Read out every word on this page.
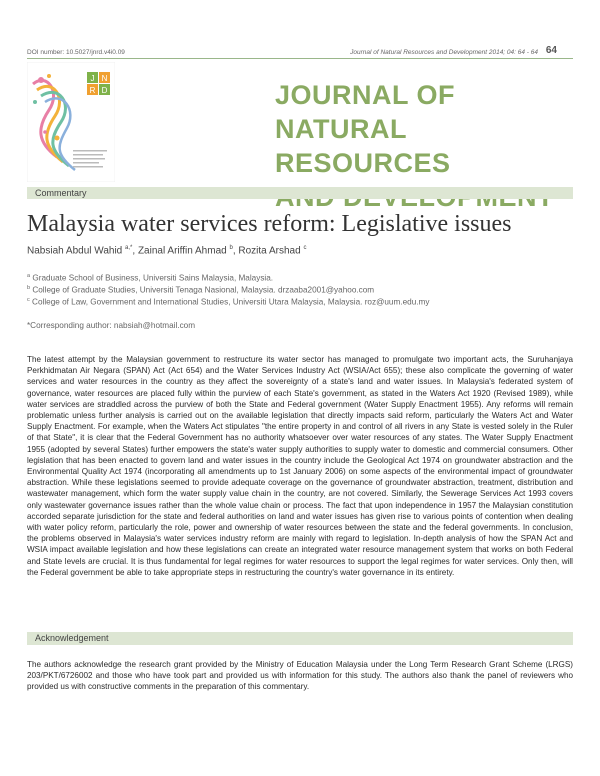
DOI number: 10.5027/jnrd.v4i0.09	Journal of Natural Resources and Development 2014; 04: 64 - 64 64
J N
R D	JOURNAL OF
NATURAL RESOURCES
Commentary
Malaysia water services reform: Legislative issues
Nabsiah Abdul Wahid $^{a,*}$, Zainal Ariffin Ahmad $^b$, Rozita Arshad $^c$
$^a$ Graduate School of Business, Universiti Sains Malaysia, Malaysia.
$^b$ College of Graduate Studies, Universiti Tenaga Nasional, Malaysia. drzaaba2001@yahoo.com
$^c$ College of Law, Government and International Studies, Universiti Utara Malaysia, Malaysia. roz@uum.edu.my
*Corresponding author: nabsiah@hotmail.com
The latest attempt by the Malaysian government to restructure its water sector has managed to promulgate two important acts, the Suruhanjaya Perkhidmatan Air Negara (SPAN) Act (Act 654) and the Water Services Industry Act (WSIA/Act 655); these also complicate the governing of water services and water resources in the country as they affect the sovereignty of a state's land and water issues. In Malaysia's federated system of governance, water resources are placed fully within the purview of each State's government, as stated in the Waters Act 1920 (Revised 1989), while water services are straddled across the purview of both the State and Federal government (Water Supply Enactment 1955). Any reforms will remain problematic unless further analysis is carried out on the available legislation that directly impacts said reform, particularly the Waters Act and Water Supply Enactment. For example, when the Waters Act stipulates "the entire property in and control of all rivers in any State is vested solely in the Ruler of that State", it is clear that the Federal Government has no authority whatsoever over water resources of any states. The Water Supply Enactment 1955 (adopted by several States) further empowers the state's water supply authorities to supply water to domestic and commercial consumers. Other legislation that has been enacted to govern land and water issues in the country include the Geological Act 1974 on groundwater abstraction and the Environmental Quality Act 1974 (incorporating all amendments up to 1st January 2006) on some aspects of the environmental impact of groundwater abstraction. While these legislations seemed to provide adequate coverage on the governance of groundwater abstraction, treatment, distribution and wastewater management, which form the water supply value chain in the country, are not covered. Similarly, the Sewerage Services Act 1993 covers only wastewater governance issues rather than the whole value chain or process. The fact that upon independence in 1957 the Malaysian constitution accorded separate jurisdiction for the state and federal authorities on land and water issues has given rise to various points of contention when dealing with water policy reform, particularly the role, power and ownership of water resources between the state and the federal governments. In conclusion, the problems observed in Malaysia's water services industry reform are mainly with regard to legislation. In-depth analysis of how the SPAN Act and WSIA impact available legislation and how these legislations can create an integrated water resource management system that works on both Federal and State levels are crucial. It is thus fundamental for legal regimes for water resources to support the legal regimes for water services. Only then, will the Federal government be able to take appropriate steps in restructuring the country's water governance in its entirety.
Acknowledgement
The authors acknowledge the research grant provided by the Ministry of Education Malaysia under the Long Term Research Grant Scheme (LRGS) 203/PKT/6726002 and those who have took part and provided us with information for this study. The authors also thank the panel of reviewers who provided us with constructive comments in the preparation of this commentary.
